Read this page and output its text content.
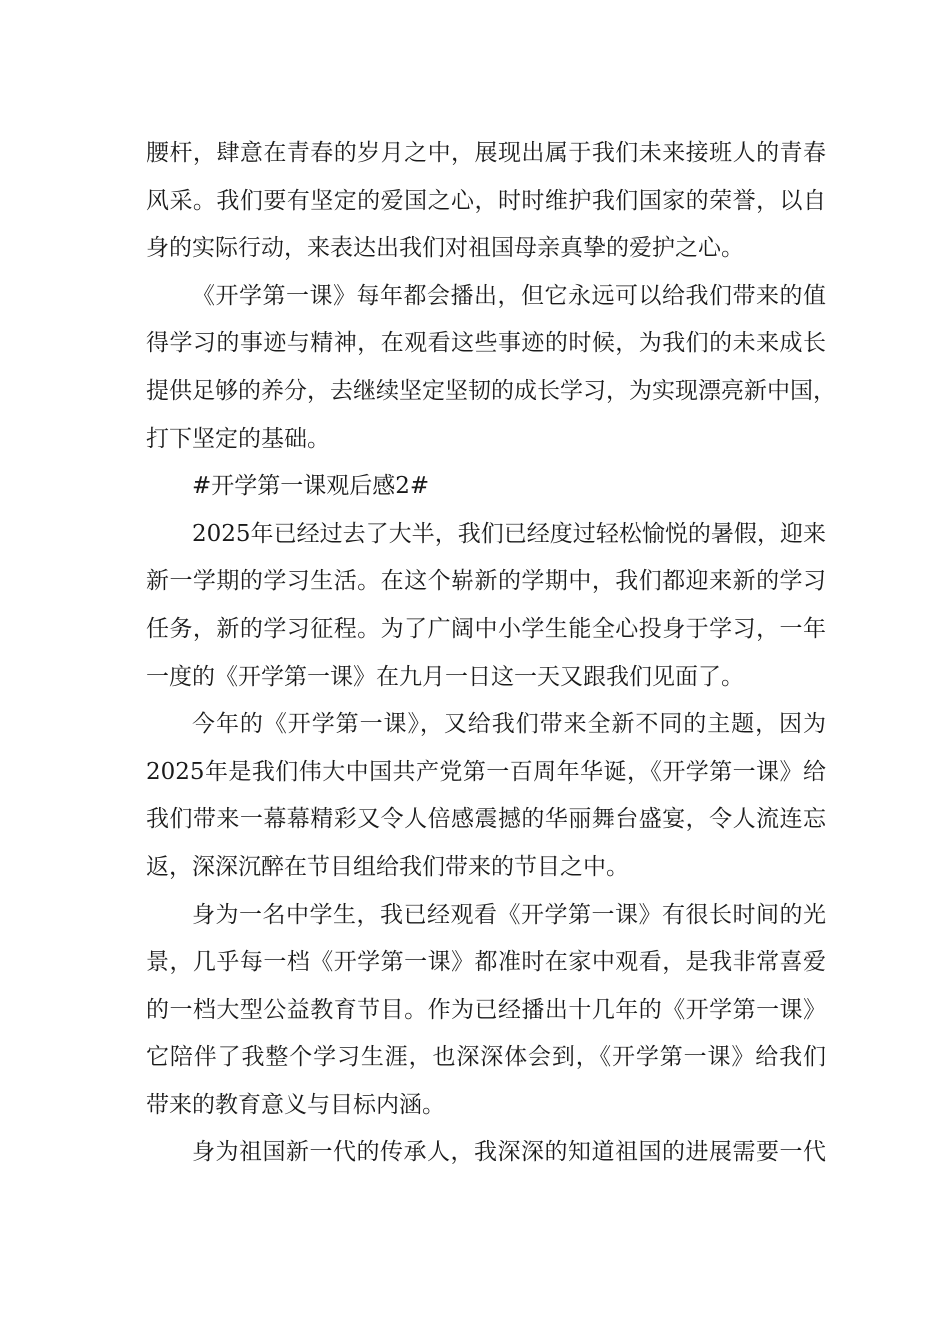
腰杆，肆意在青春的岁月之中，展现出属于我们未来接班人的青春
风采。我们要有坚定的爱国之心，时时维护我们国家的荣誉，以自
身的实际行动，来表达出我们对祖国母亲真挚的爱护之心。
《开学第一课》每年都会播出，但它永远可以给我们带来的值
得学习的事迹与精神，在观看这些事迹的时候，为我们的未来成长
提供足够的养分，去继续坚定坚韧的成长学习，为实现漂亮新中国，
打下坚定的基础。
#开学第一课观后感2#
2025年已经过去了大半，我们已经度过轻松愉悦的暑假，迎来
新一学期的学习生活。在这个崭新的学期中，我们都迎来新的学习
任务，新的学习征程。为了广阔中小学生能全心投身于学习，一年
一度的《开学第一课》在九月一日这一天又跟我们见面了。
今年的《开学第一课》，又给我们带来全新不同的主题，因为
2025年是我们伟大中国共产党第一百周年华诞，《开学第一课》给
我们带来一幕幕精彩又令人倍感震撼的华丽舞台盛宴，令人流连忘
返，深深沉醉在节目组给我们带来的节目之中。
身为一名中学生，我已经观看《开学第一课》有很长时间的光
景，几乎每一档《开学第一课》都准时在家中观看，是我非常喜爱
的一档大型公益教育节目。作为已经播出十几年的《开学第一课》
它陪伴了我整个学习生涯，也深深体会到，《开学第一课》给我们
带来的教育意义与目标内涵。
身为祖国新一代的传承人，我深深的知道祖国的进展需要一代
